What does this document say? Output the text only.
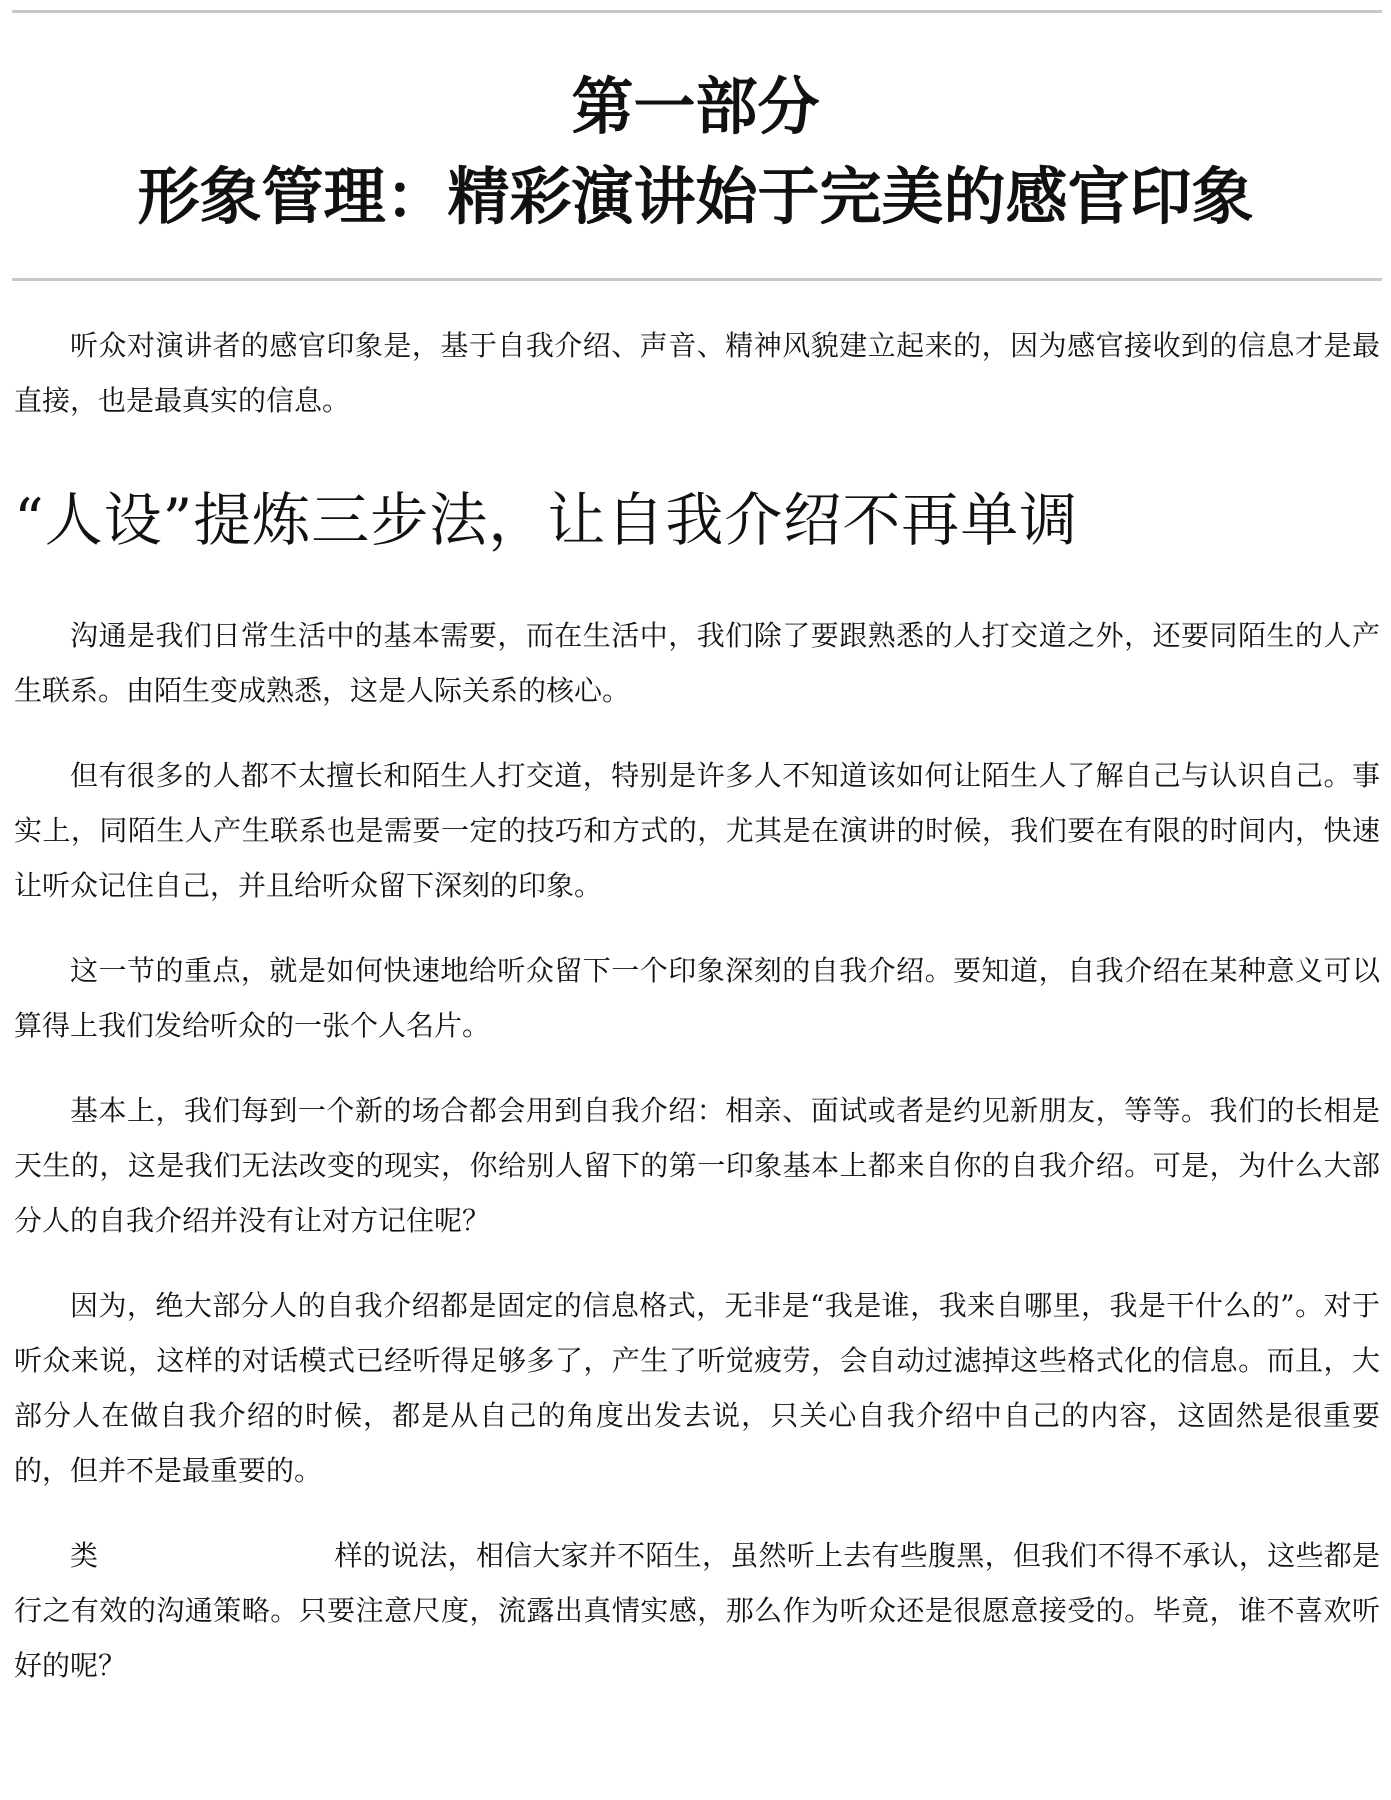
第一部分
形象管理：精彩演讲始于完美的感官印象

听众对演讲者的感官印象是，基于自我介绍、声音、精神风貌建立起来的，因为感官接收到的信息才是最直接，也是最真实的信息。

“人设”提炼三步法，让自我介绍不再单调

沟通是我们日常生活中的基本需要，而在生活中，我们除了要跟熟悉的人打交道之外，还要同陌生的人产生联系。由陌生变成熟悉，这是人际关系的核心。

但有很多的人都不太擅长和陌生人打交道，特别是许多人不知道该如何让陌生人了解自己与认识自己。事实上，同陌生人产生联系也是需要一定的技巧和方式的，尤其是在演讲的时候，我们要在有限的时间内，快速让听众记住自己，并且给听众留下深刻的印象。

这一节的重点，就是如何快速地给听众留下一个印象深刻的自我介绍。要知道，自我介绍在某种意义可以算得上我们发给听众的一张个人名片。

基本上，我们每到一个新的场合都会用到自我介绍：相亲、面试或者是约见新朋友，等等。我们的长相是天生的，这是我们无法改变的现实，你给别人留下的第一印象基本上都来自你的自我介绍。可是，为什么大部分人的自我介绍并没有让对方记住呢？

因为，绝大部分人的自我介绍都是固定的信息格式，无非是“我是谁，我来自哪里，我是干什么的”。对于听众来说，这样的对话模式已经听得足够多了，产生了听觉疲劳，会自动过滤掉这些格式化的信息。而且，大部分人在做自我介绍的时候，都是从自己的角度出发去说，只关心自我介绍中自己的内容，这固然是很重要的，但并不是最重要的。

类	样的说法，相信大家并不陌生，虽然听上去有些腹黑，但我们不得不承认，这些都是行之有效的沟通策略。只要注意尺度，流露出真情实感，那么作为听众还是很愿意接受的。毕竟，谁不喜欢听好的呢？
